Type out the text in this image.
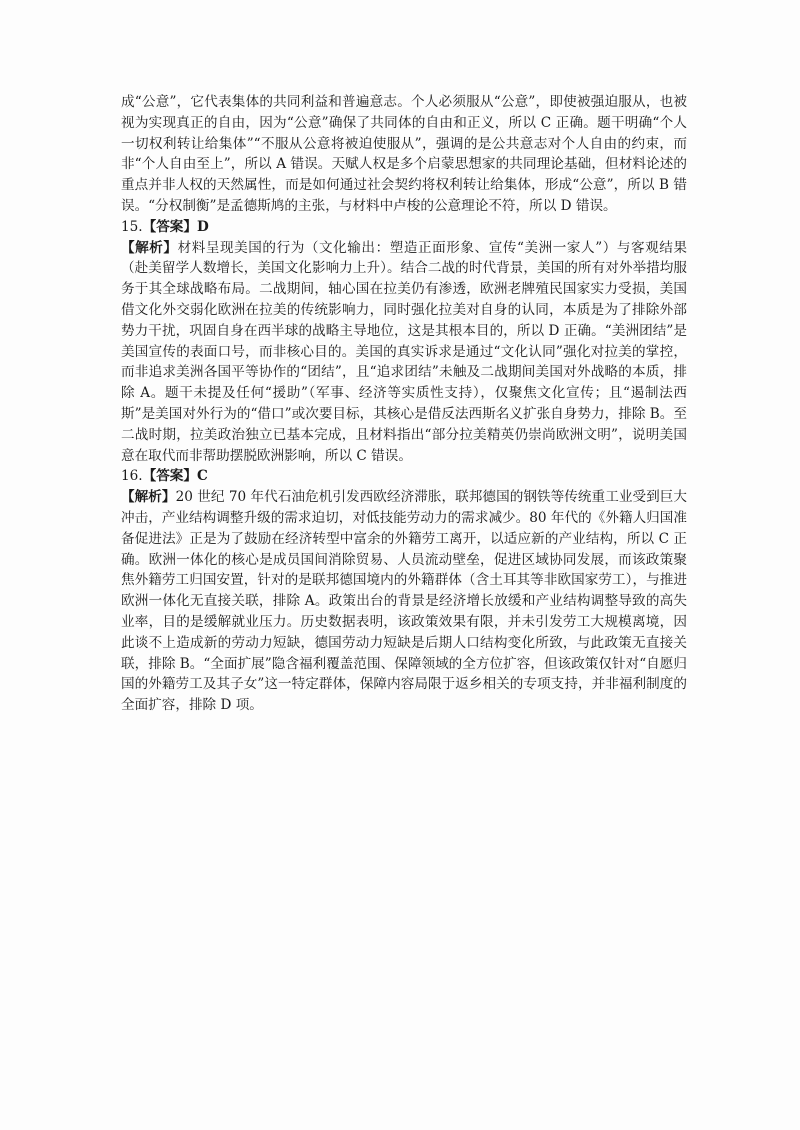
成“公意”，它代表集体的共同利益和普遍意志。个人必须服从“公意”，即使被强迫服从，也被视为实现真正的自由，因为“公意”确保了共同体的自由和正义，所以 C 正确。题干明确“个人一切权利转让给集体”“不服从公意将被迫使服从”，强调的是公共意志对个人自由的约束，而非“个人自由至上”，所以 A 错误。天赋人权是多个启蒙思想家的共同理论基础，但材料论述的重点并非人权的天然属性，而是如何通过社会契约将权利转让给集体，形成“公意”，所以 B 错误。“分权制衡”是孟德斯鸠的主张，与材料中卢梭的公意理论不符，所以 D 错误。

15.【答案】D

【解析】材料呈现美国的行为（文化输出：塑造正面形象、宣传“美洲一家人”）与客观结果（赴美留学人数增长，美国文化影响力上升）。结合二战的时代背景，美国的所有对外举措均服务于其全球战略布局。二战期间，轴心国在拉美仍有渗透，欧洲老牌殖民国家实力受损，美国借文化外交弱化欧洲在拉美的传统影响力，同时强化拉美对自身的认同，本质是为了排除外部势力干扰，巩固自身在西半球的战略主导地位，这是其根本目的，所以 D 正确。“美洲团结”是美国宣传的表面口号，而非核心目的。美国的真实诉求是通过“文化认同”强化对拉美的掌控，而非追求美洲各国平等协作的“团结”，且“追求团结”未触及二战期间美国对外战略的本质，排除 A。题干未提及任何“援助”（军事、经济等实质性支持），仅聚焦文化宣传；且“遏制法西斯”是美国对外行为的“借口”或次要目标，其核心是借反法西斯名义扩张自身势力，排除 B。至二战时期，拉美政治独立已基本完成，且材料指出“部分拉美精英仍崇尚欧洲文明”，说明美国意在取代而非帮助摆脱欧洲影响，所以 C 错误。

16.【答案】C

【解析】20 世纪 70 年代石油危机引发西欧经济滞胀，联邦德国的钢铁等传统重工业受到巨大冲击，产业结构调整升级的需求迫切，对低技能劳动力的需求减少。80 年代的《外籍人归国准备促进法》正是为了鼓励在经济转型中富余的外籍劳工离开，以适应新的产业结构，所以 C 正确。欧洲一体化的核心是成员国间消除贸易、人员流动壁垒，促进区域协同发展，而该政策聚焦外籍劳工归国安置，针对的是联邦德国境内的外籍群体（含土耳其等非欧国家劳工），与推进欧洲一体化无直接关联，排除 A。政策出台的背景是经济增长放缓和产业结构调整导致的高失业率，目的是缓解就业压力。历史数据表明，该政策效果有限，并未引发劳工大规模离境，因此谈不上造成新的劳动力短缺，德国劳动力短缺是后期人口结构变化所致，与此政策无直接关联，排除 B。“全面扩展”隐含福利覆盖范围、保障领域的全方位扩容，但该政策仅针对“自愿归国的外籍劳工及其子女”这一特定群体，保障内容局限于返乡相关的专项支持，并非福利制度的全面扩容，排除 D 项。
